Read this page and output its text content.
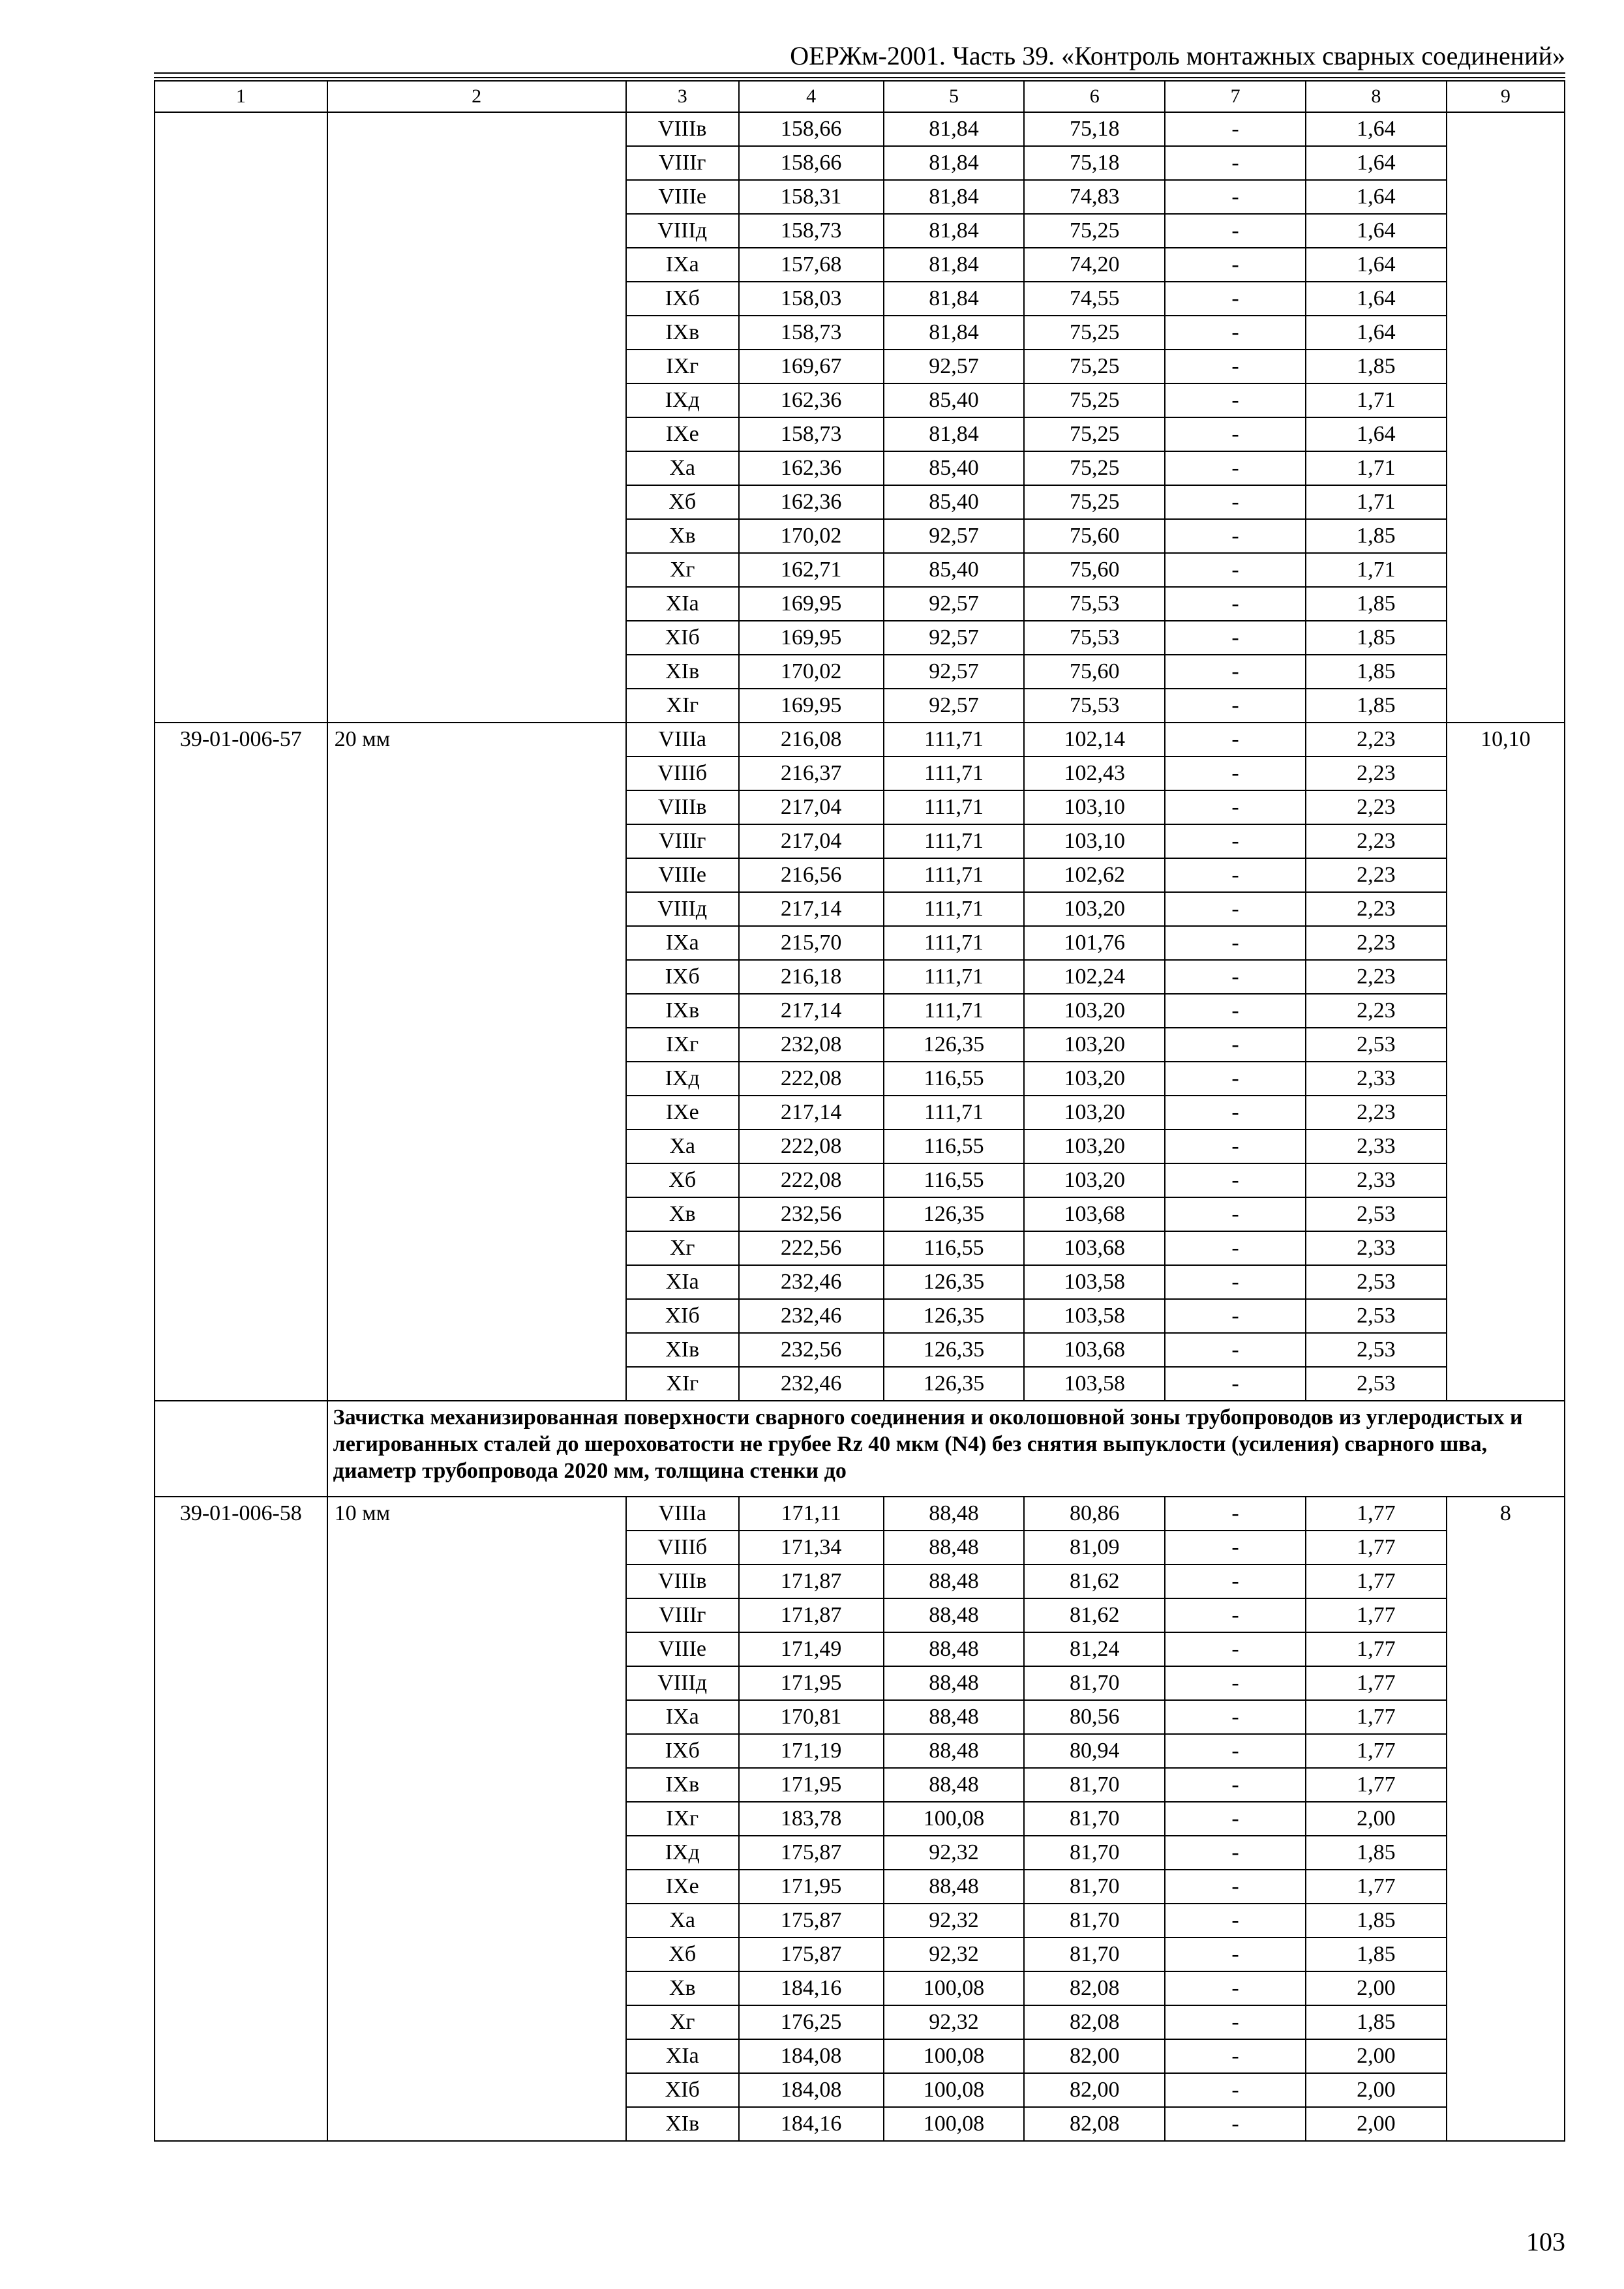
ОЕРЖм-2001. Часть 39. «Контроль монтажных сварных соединений»
1	2	3	4	5	6	7	8	9
		VIIIв	158,66	81,84	75,18	-	1,64	
		VIIIг	158,66	81,84	75,18	-	1,64	
		VIIIе	158,31	81,84	74,83	-	1,64	
		VIIIд	158,73	81,84	75,25	-	1,64	
		IXа	157,68	81,84	74,20	-	1,64	
		IXб	158,03	81,84	74,55	-	1,64	
		IXв	158,73	81,84	75,25	-	1,64	
		IXг	169,67	92,57	75,25	-	1,85	
		IXд	162,36	85,40	75,25	-	1,71	
		IXе	158,73	81,84	75,25	-	1,64	
		Xа	162,36	85,40	75,25	-	1,71	
		Xб	162,36	85,40	75,25	-	1,71	
		Xв	170,02	92,57	75,60	-	1,85	
		Xг	162,71	85,40	75,60	-	1,71	
		XIа	169,95	92,57	75,53	-	1,85	
		XIб	169,95	92,57	75,53	-	1,85	
		XIв	170,02	92,57	75,60	-	1,85	
		XIг	169,95	92,57	75,53	-	1,85	
39-01-006-57	20 мм	VIIIа	216,08	111,71	102,14	-	2,23	10,10
		VIIIб	216,37	111,71	102,43	-	2,23	
		VIIIв	217,04	111,71	103,10	-	2,23	
		VIIIг	217,04	111,71	103,10	-	2,23	
		VIIIе	216,56	111,71	102,62	-	2,23	
		VIIIд	217,14	111,71	103,20	-	2,23	
		IXа	215,70	111,71	101,76	-	2,23	
		IXб	216,18	111,71	102,24	-	2,23	
		IXв	217,14	111,71	103,20	-	2,23	
		IXг	232,08	126,35	103,20	-	2,53	
		IXд	222,08	116,55	103,20	-	2,33	
		IXе	217,14	111,71	103,20	-	2,23	
		Xа	222,08	116,55	103,20	-	2,33	
		Xб	222,08	116,55	103,20	-	2,33	
		Xв	232,56	126,35	103,68	-	2,53	
		Xг	222,56	116,55	103,68	-	2,33	
		XIа	232,46	126,35	103,58	-	2,53	
		XIб	232,46	126,35	103,58	-	2,53	
		XIв	232,56	126,35	103,68	-	2,53	
		XIг	232,46	126,35	103,58	-	2,53	
	Зачистка механизированная поверхности сварного соединения и околошовной зоны трубопроводов из углеродистых и легированных сталей до шероховатости не грубее Rz 40 мкм (N4) без снятия выпуклости (усиления) сварного шва, диаметр трубопровода 2020 мм, толщина стенки до							
39-01-006-58	10 мм	VIIIа	171,11	88,48	80,86	-	1,77	8
		VIIIб	171,34	88,48	81,09	-	1,77	
		VIIIв	171,87	88,48	81,62	-	1,77	
		VIIIг	171,87	88,48	81,62	-	1,77	
		VIIIе	171,49	88,48	81,24	-	1,77	
		VIIIд	171,95	88,48	81,70	-	1,77	
		IXа	170,81	88,48	80,56	-	1,77	
		IXб	171,19	88,48	80,94	-	1,77	
		IXв	171,95	88,48	81,70	-	1,77	
		IXг	183,78	100,08	81,70	-	2,00	
		IXд	175,87	92,32	81,70	-	1,85	
		IXе	171,95	88,48	81,70	-	1,77	
		Xа	175,87	92,32	81,70	-	1,85	
		Xб	175,87	92,32	81,70	-	1,85	
		Xв	184,16	100,08	82,08	-	2,00	
		Xг	176,25	92,32	82,08	-	1,85	
		XIа	184,08	100,08	82,00	-	2,00	
		XIб	184,08	100,08	82,00	-	2,00	
		XIв	184,16	100,08	82,08	-	2,00	
103
